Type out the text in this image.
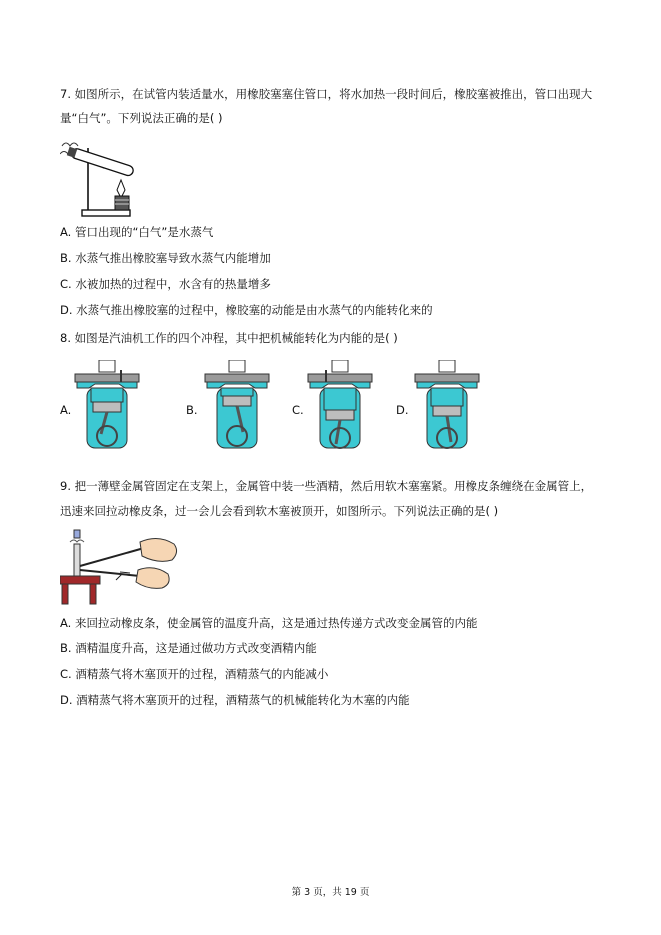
7. 如图所示，在试管内装适量水，用橡胶塞塞住管口，将水加热一段时间后，橡胶塞被推出，管口出现大
量“白气”。下列说法正确的是( )
A. 管口出现的“白气”是水蒸气
B. 水蒸气推出橡胶塞导致水蒸气内能增加
C. 水被加热的过程中，水含有的热量增多
D. 水蒸气推出橡胶塞的过程中，橡胶塞的动能是由水蒸气的内能转化来的
8. 如图是汽油机工作的四个冲程，其中把机械能转化为内能的是( )
A.	B.	C.	D.
9. 把一薄壁金属管固定在支架上，金属管中装一些酒精，然后用软木塞塞紧。用橡皮条缠绕在金属管上，
迅速来回拉动橡皮条，过一会儿会看到软木塞被顶开，如图所示。下列说法正确的是( )
A. 来回拉动橡皮条，使金属管的温度升高，这是通过热传递方式改变金属管的内能
B. 酒精温度升高，这是通过做功方式改变酒精内能
C. 酒精蒸气将木塞顶开的过程，酒精蒸气的内能减小
D. 酒精蒸气将木塞顶开的过程，酒精蒸气的机械能转化为木塞的内能
第 3 页，共 19 页
